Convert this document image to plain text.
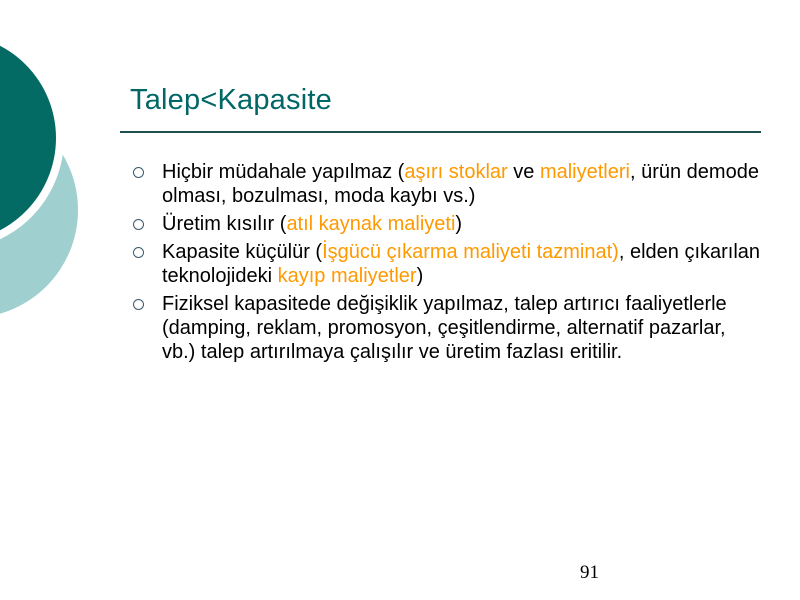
Talep<Kapasite
Hiçbir müdahale yapılmaz (aşırı stoklar ve maliyetleri, ürün demode olması, bozulması, moda kaybı vs.)
Üretim kısılır (atıl kaynak maliyeti)
Kapasite küçülür (İşgücü çıkarma maliyeti tazminat), elden çıkarılan teknolojideki kayıp maliyetler)
Fiziksel kapasitede değişiklik yapılmaz, talep artırıcı faaliyetlerle (damping, reklam, promosyon, çeşitlendirme, alternatif pazarlar, vb.) talep artırılmaya çalışılır ve üretim fazlası eritilir.
91
